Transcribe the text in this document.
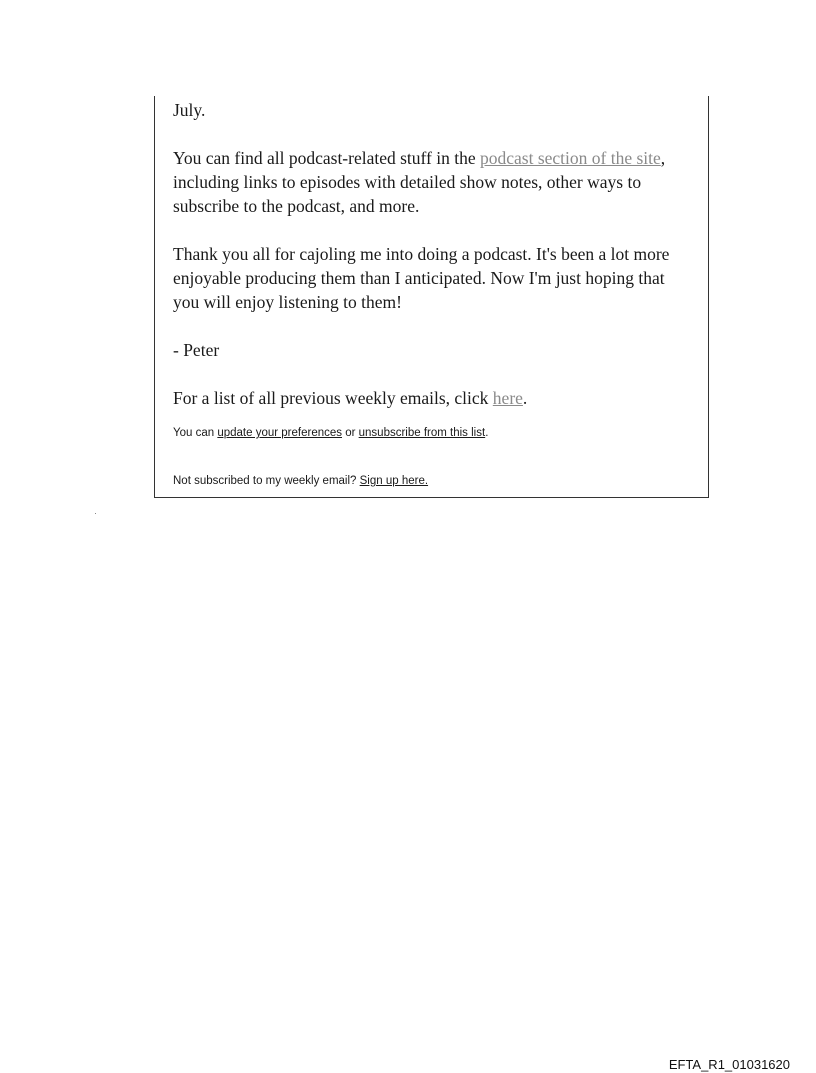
July.

You can find all podcast-related stuff in the podcast section of the site, including links to episodes with detailed show notes, other ways to subscribe to the podcast, and more.

Thank you all for cajoling me into doing a podcast. It's been a lot more enjoyable producing them than I anticipated. Now I'm just hoping that you will enjoy listening to them!

- Peter

For a list of all previous weekly emails, click here.

You can update your preferences or unsubscribe from this list.

Not subscribed to my weekly email? Sign up here.

EFTA_R1_01031620
